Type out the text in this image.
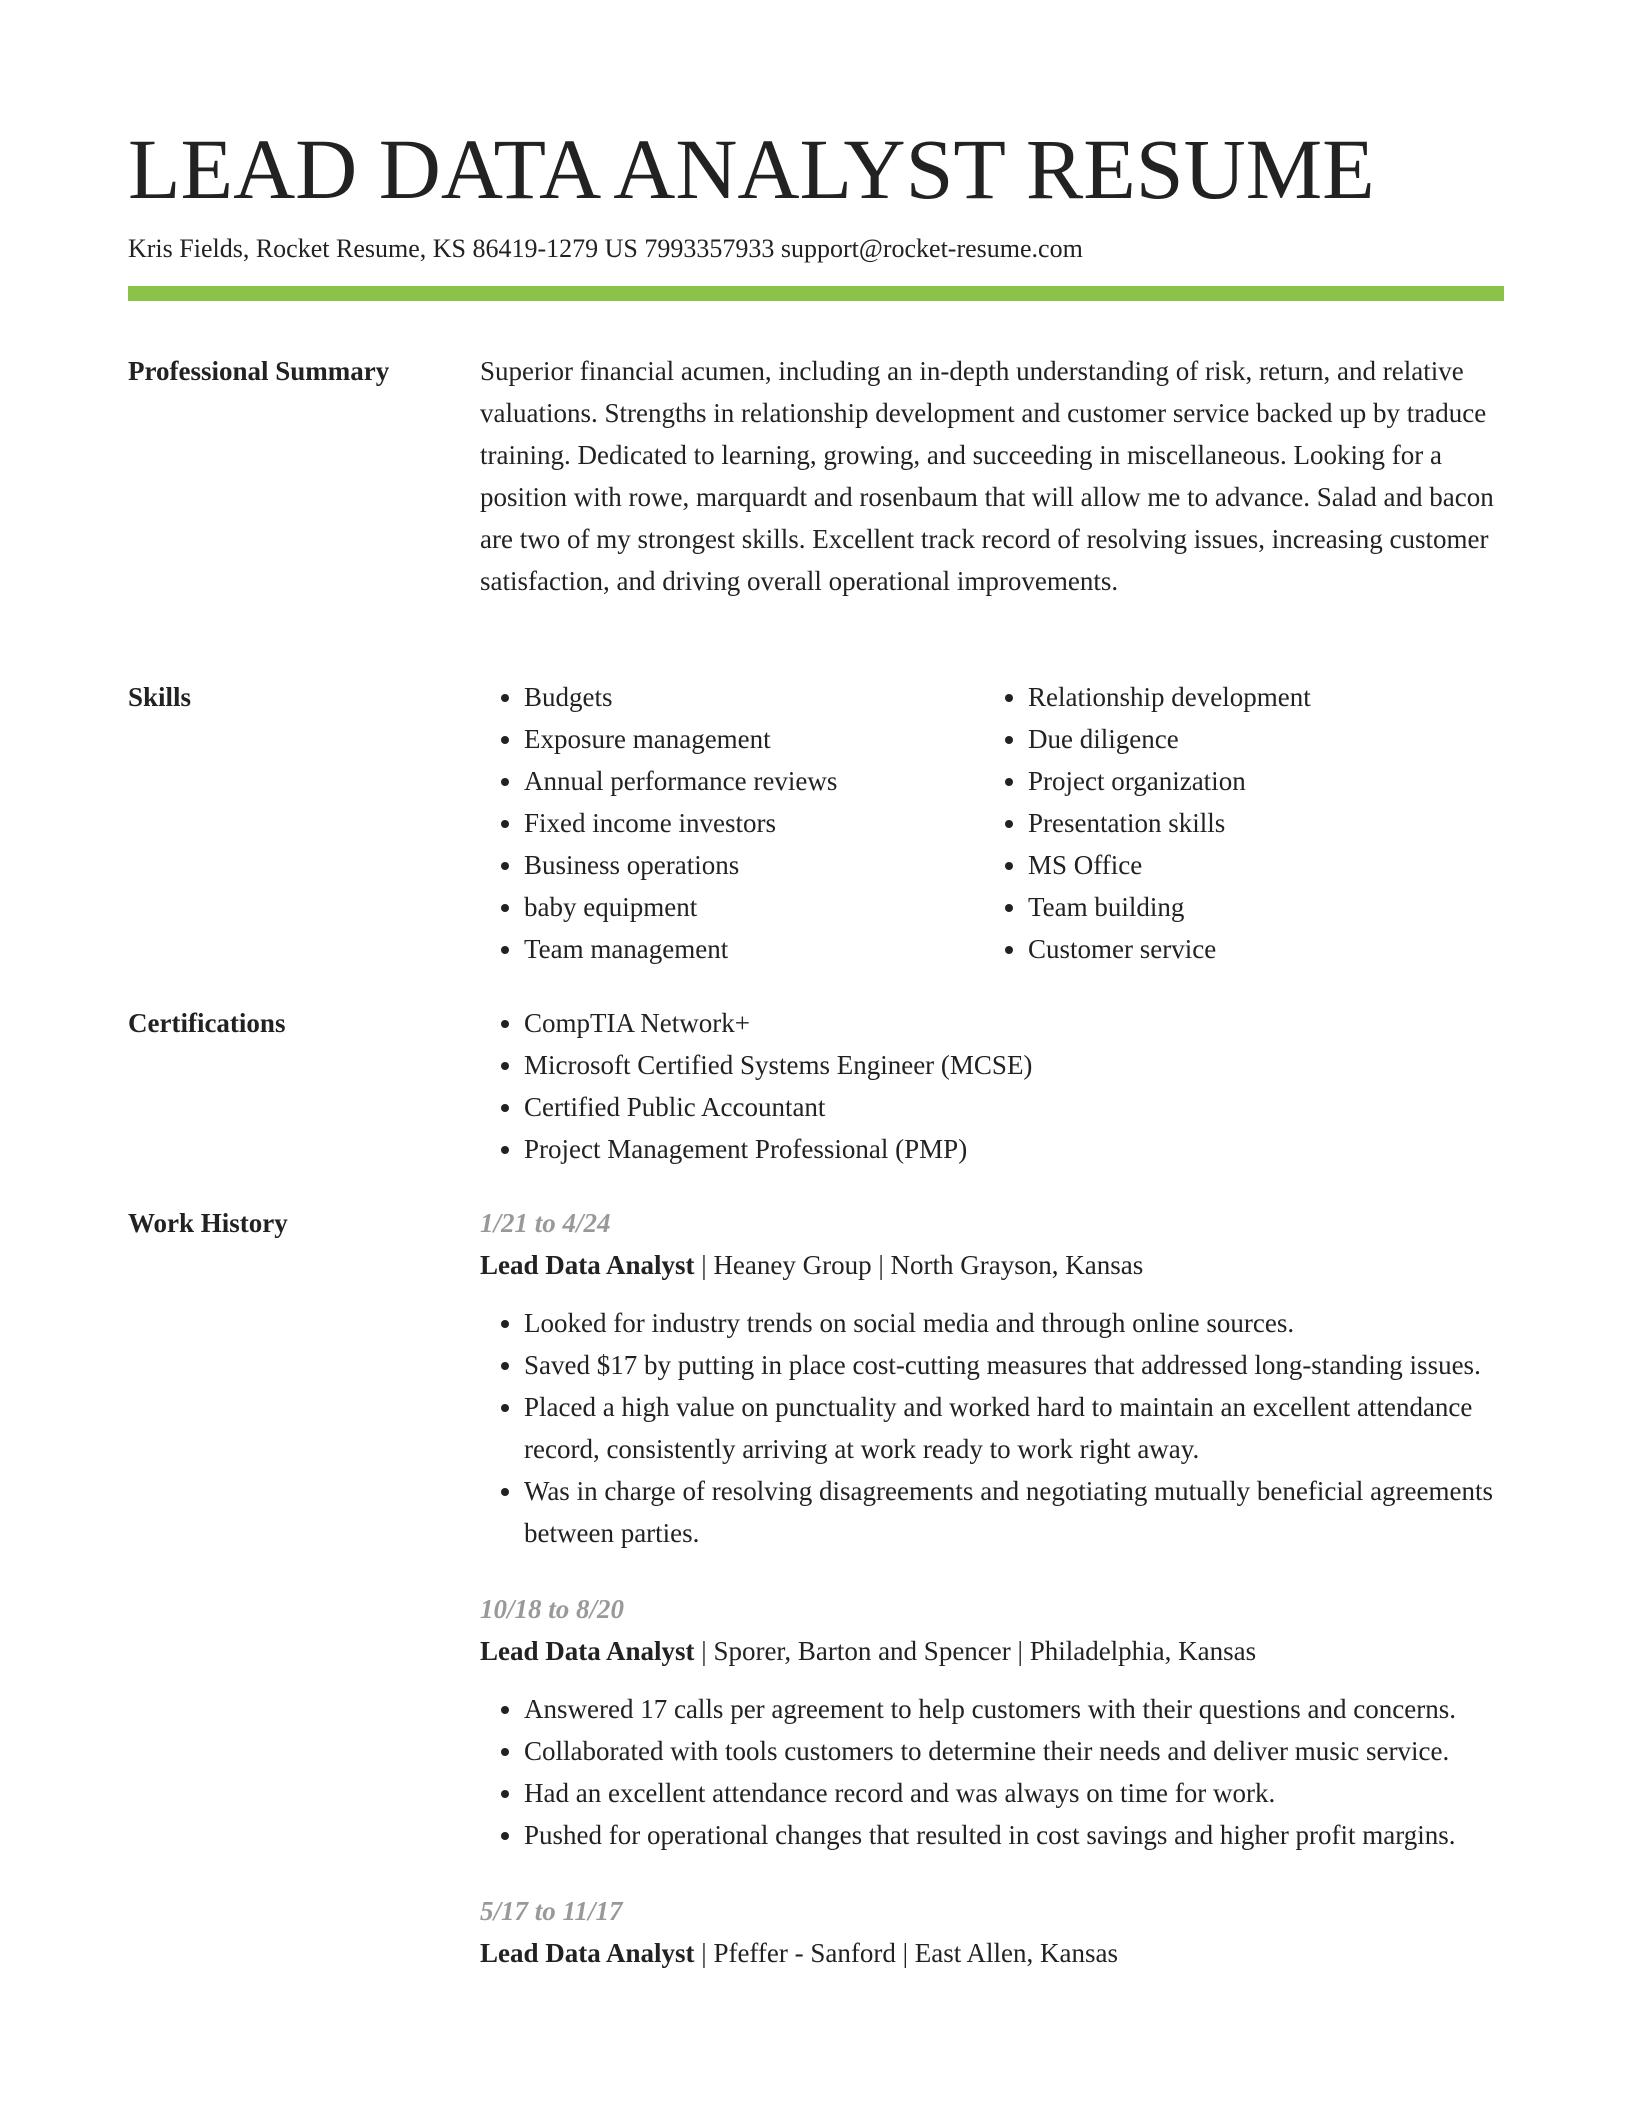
LEAD DATA ANALYST RESUME
Kris Fields, Rocket Resume, KS 86419-1279 US 7993357933 support@rocket-resume.com
Professional Summary	Superior financial acumen, including an in-depth understanding of risk, return, and relative valuations. Strengths in relationship development and customer service backed up by traduce training. Dedicated to learning, growing, and succeeding in miscellaneous. Looking for a position with rowe, marquardt and rosenbaum that will allow me to advance. Salad and bacon are two of my strongest skills. Excellent track record of resolving issues, increasing customer satisfaction, and driving overall operational improvements.

Skills	• Budgets
• Exposure management
• Annual performance reviews
• Fixed income investors
• Business operations
• baby equipment
• Team management
• Relationship development
• Due diligence
• Project organization
• Presentation skills
• MS Office
• Team building
• Customer service
Certifications	• CompTIA Network+
• Microsoft Certified Systems Engineer (MCSE)
• Certified Public Accountant
• Project Management Professional (PMP)
Work History	1/21 to 4/24
Lead Data Analyst | Heaney Group | North Grayson, Kansas
• Looked for industry trends on social media and through online sources.
• Saved $17 by putting in place cost-cutting measures that addressed long-standing issues.
• Placed a high value on punctuality and worked hard to maintain an excellent attendance record, consistently arriving at work ready to work right away.
• Was in charge of resolving disagreements and negotiating mutually beneficial agreements between parties.
10/18 to 8/20
Lead Data Analyst | Sporer, Barton and Spencer | Philadelphia, Kansas
• Answered 17 calls per agreement to help customers with their questions and concerns.
• Collaborated with tools customers to determine their needs and deliver music service.
• Had an excellent attendance record and was always on time for work.
• Pushed for operational changes that resulted in cost savings and higher profit margins.
5/17 to 11/17
Lead Data Analyst | Pfeffer - Sanford | East Allen, Kansas
